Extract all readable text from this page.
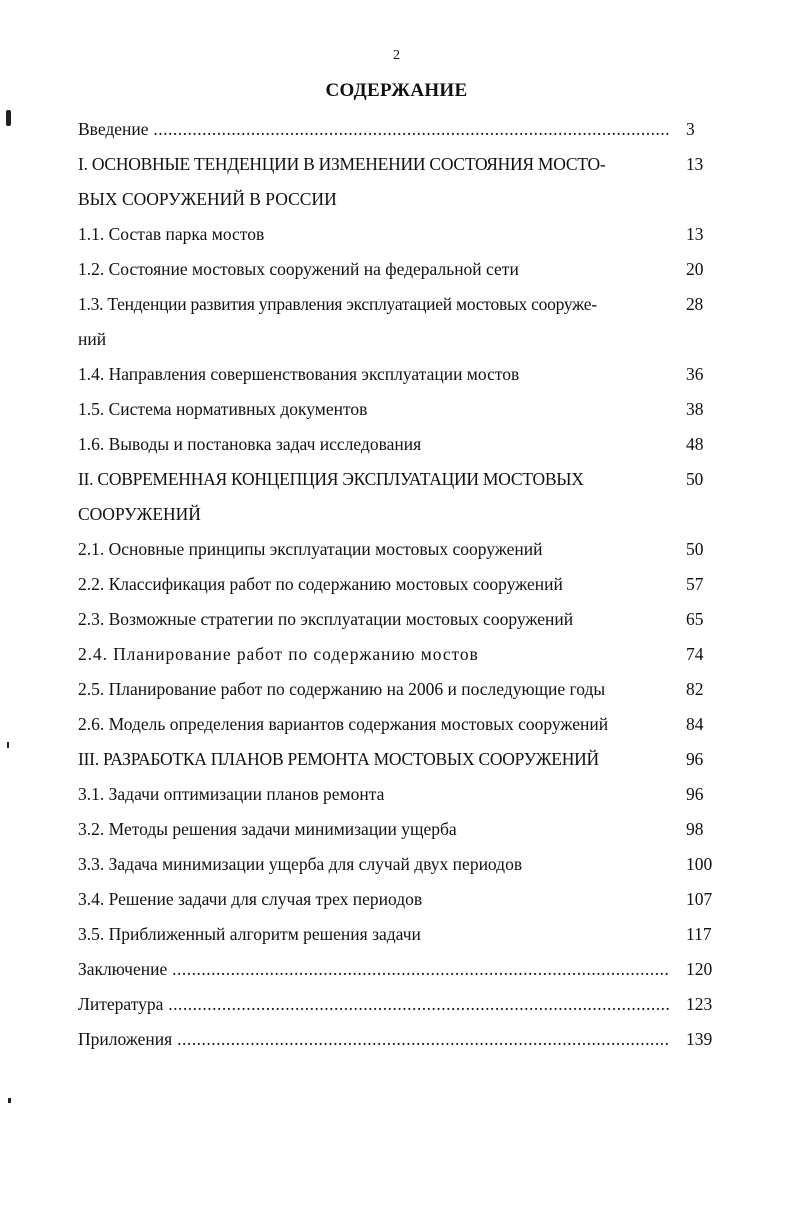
2
СОДЕРЖАНИЕ
Введение .....	3
I. ОСНОВНЫЕ ТЕНДЕНЦИИ В ИЗМЕНЕНИИ СОСТОЯНИЯ МОСТО-	13
ВЫХ СООРУЖЕНИЙ В РОССИИ
1.1. Состав парка мостов	13
1.2. Состояние мостовых сооружений на федеральной сети	20
1.3. Тенденции развития управления эксплуатацией мостовых сооруже-	28
ний
1.4. Направления совершенствования эксплуатации мостов	36
1.5. Система нормативных документов	38
1.6. Выводы и постановка задач исследования	48
II. СОВРЕМЕННАЯ КОНЦЕПЦИЯ ЭКСПЛУАТАЦИИ МОСТОВЫХ	50
СООРУЖЕНИЙ
2.1. Основные принципы эксплуатации мостовых сооружений	50
2.2. Классификация работ по содержанию мостовых сооружений	57
2.3. Возможные стратегии по эксплуатации мостовых сооружений	65
2.4. Планирование работ по содержанию мостов	74
2.5. Планирование работ по содержанию на 2006 и последующие годы	82
2.6. Модель определения вариантов содержания мостовых сооружений	84
III. РАЗРАБОТКА ПЛАНОВ РЕМОНТА МОСТОВЫХ СООРУЖЕНИЙ	96
3.1. Задачи оптимизации планов ремонта	96
3.2. Методы решения задачи минимизации ущерба	98
3.3. Задача минимизации ущерба для случай двух периодов	100
3.4. Решение задачи для случая трех периодов	107
3.5. Приближенный алгоритм решения задачи	117
Заключение .....	120
Литература .....	123
Приложения .....	139
